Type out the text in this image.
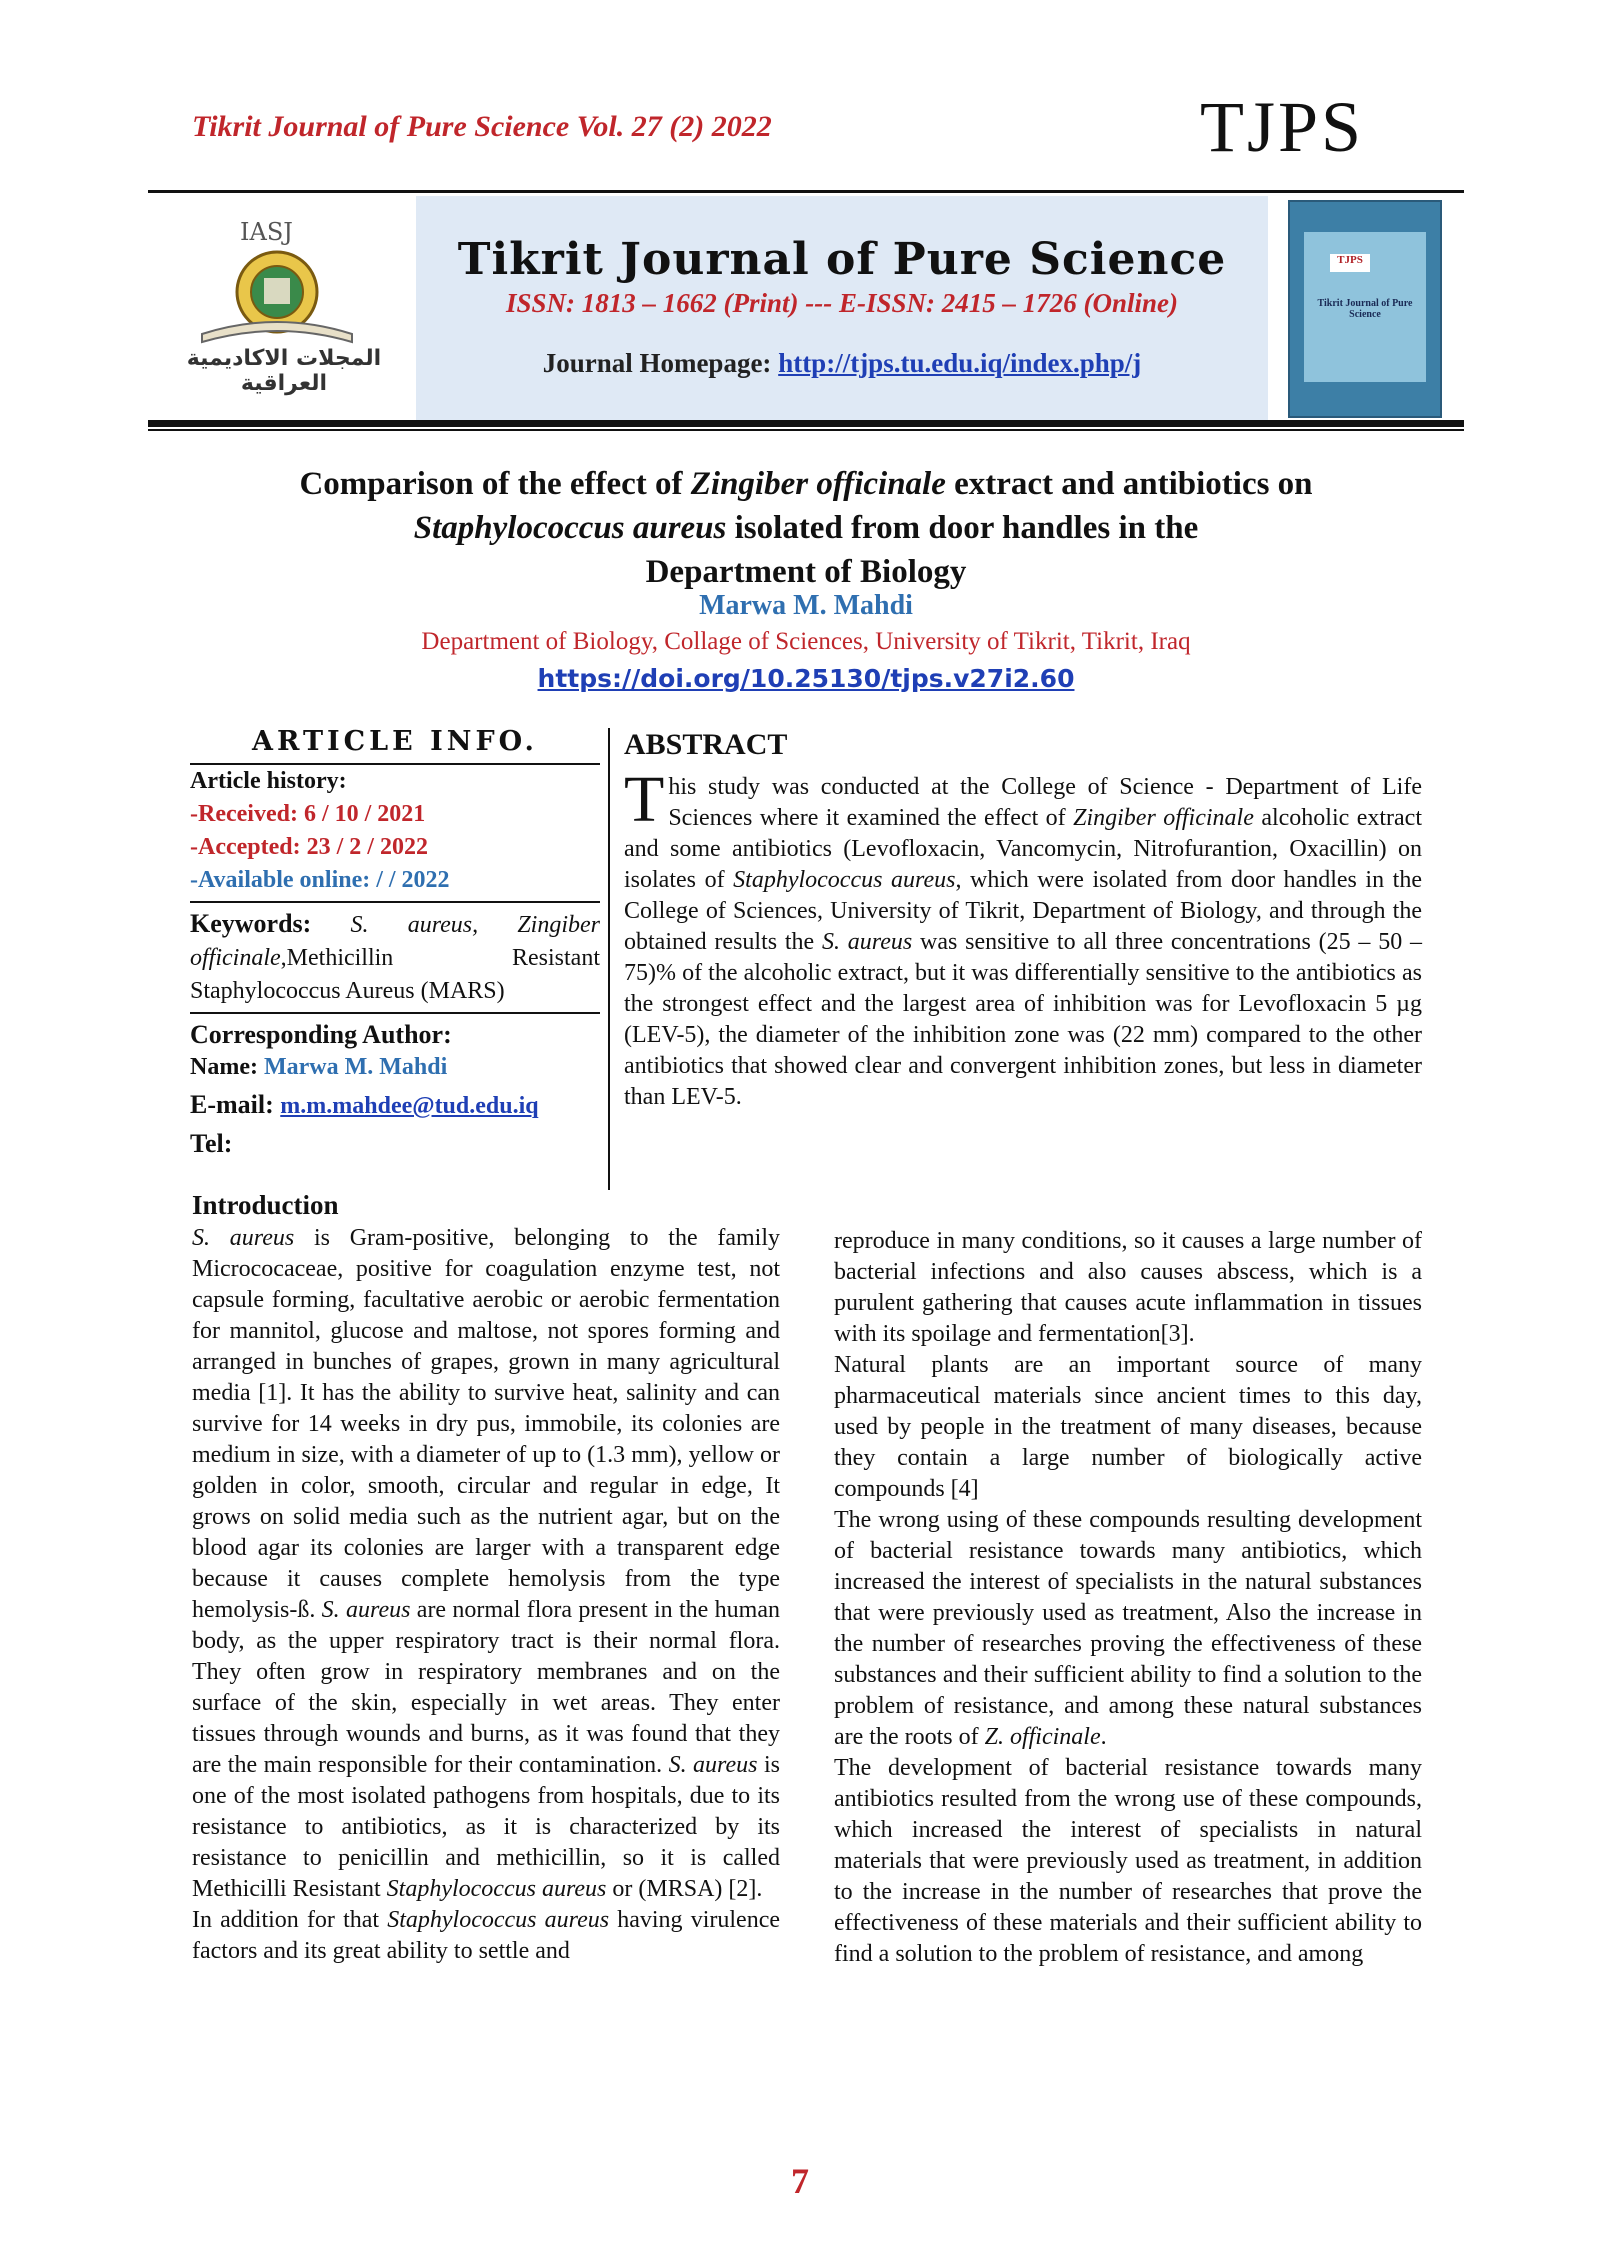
Tikrit Journal of Pure Science Vol. 27 (2) 2022	TJPS
IASJ
المجلات الاكاديمية العراقية
Tikrit Journal of Pure Science
ISSN: 1813 – 1662 (Print) --- E-ISSN: 2415 – 1726 (Online)
Journal Homepage: http://tjps.tu.edu.iq/index.php/j
TJPS
Tikrit Journal of Pure Science
Comparison of the effect of Zingiber officinale extract and antibiotics on
Staphylococcus aureus isolated from door handles in the
Department of Biology
Marwa M. Mahdi
Department of Biology, Collage of Sciences, University of Tikrit, Tikrit, Iraq
https://doi.org/10.25130/tjps.v27i2.60
ARTICLE INFO.
Article history:
-Received: 6 / 10 / 2021
-Accepted: 23 / 2 / 2022
-Available online: / / 2022
Keywords: S. aureus, Zingiber officinale,Methicillin Resistant Staphylococcus Aureus (MARS)
Corresponding Author:
Name: Marwa M. Mahdi
E-mail: m.m.mahdee@tud.edu.iq
Tel:
ABSTRACT
This study was conducted at the College of Science - Department of Life Sciences where it examined the effect of Zingiber officinale alcoholic extract and some antibiotics (Levofloxacin, Vancomycin, Nitrofurantion, Oxacillin) on isolates of Staphylococcus aureus, which were isolated from door handles in the College of Sciences, University of Tikrit, Department of Biology, and through the obtained results the S. aureus was sensitive to all three concentrations (25 – 50 – 75)% of the alcoholic extract, but it was differentially sensitive to the antibiotics as the strongest effect and the largest area of inhibition was for Levofloxacin 5 µg (LEV-5), the diameter of the inhibition zone was (22 mm) compared to the other antibiotics that showed clear and convergent inhibition zones, but less in diameter than LEV-5.
Introduction
S. aureus is Gram-positive, belonging to the family Micrococaceae, positive for coagulation enzyme test, not capsule forming, facultative aerobic or aerobic fermentation for mannitol, glucose and maltose, not spores forming and arranged in bunches of grapes, grown in many agricultural media [1]. It has the ability to survive heat, salinity and can survive for 14 weeks in dry pus, immobile, its colonies are medium in size, with a diameter of up to (1.3 mm), yellow or golden in color, smooth, circular and regular in edge, It grows on solid media such as the nutrient agar, but on the blood agar its colonies are larger with a transparent edge because it causes complete hemolysis from the type hemolysis-ß. S. aureus are normal flora present in the human body, as the upper respiratory tract is their normal flora. They often grow in respiratory membranes and on the surface of the skin, especially in wet areas. They enter tissues through wounds and burns, as it was found that they are the main responsible for their contamination. S. aureus is one of the most isolated pathogens from hospitals, due to its resistance to antibiotics, as it is characterized by its resistance to penicillin and methicillin, so it is called Methicilli Resistant Staphylococcus aureus or (MRSA) [2].
In addition for that Staphylococcus aureus having virulence factors and its great ability to settle and
reproduce in many conditions, so it causes a large number of bacterial infections and also causes abscess, which is a purulent gathering that causes acute inflammation in tissues with its spoilage and fermentation[3].
Natural plants are an important source of many pharmaceutical materials since ancient times to this day, used by people in the treatment of many diseases, because they contain a large number of biologically active compounds [4]
The wrong using of these compounds resulting development of bacterial resistance towards many antibiotics, which increased the interest of specialists in the natural substances that were previously used as treatment, Also the increase in the number of researches proving the effectiveness of these substances and their sufficient ability to find a solution to the problem of resistance, and among these natural substances are the roots of Z. officinale.
The development of bacterial resistance towards many antibiotics resulted from the wrong use of these compounds, which increased the interest of specialists in natural materials that were previously used as treatment, in addition to the increase in the number of researches that prove the effectiveness of these materials and their sufficient ability to find a solution to the problem of resistance, and among
7
